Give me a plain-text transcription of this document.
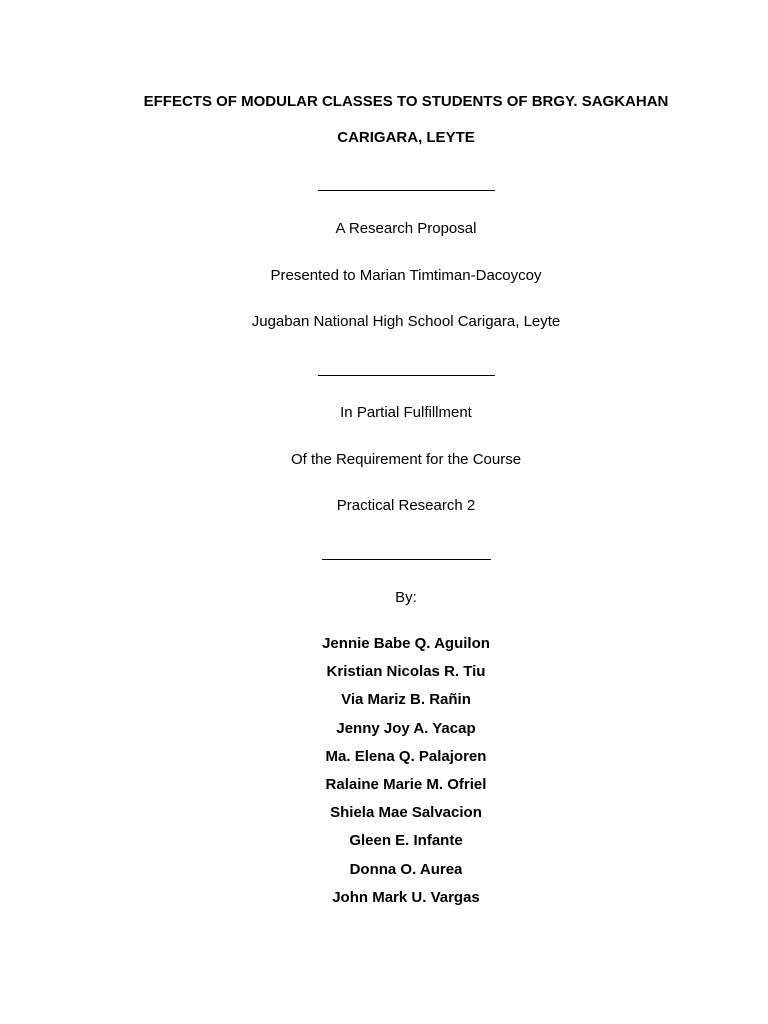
EFFECTS OF MODULAR CLASSES TO STUDENTS OF BRGY. SAGKAHAN
CARIGARA, LEYTE
A Research Proposal
Presented to Marian Timtiman-Dacoycoy
Jugaban National High School Carigara, Leyte
In Partial Fulfillment
Of the Requirement for the Course
Practical Research 2
By:
Jennie Babe Q. Aguilon
Kristian Nicolas R. Tiu
Via Mariz B. Rañin
Jenny Joy A. Yacap
Ma. Elena Q. Palajoren
Ralaine Marie M. Ofriel
Shiela Mae Salvacion
Gleen E. Infante
Donna O. Aurea
John Mark U. Vargas
